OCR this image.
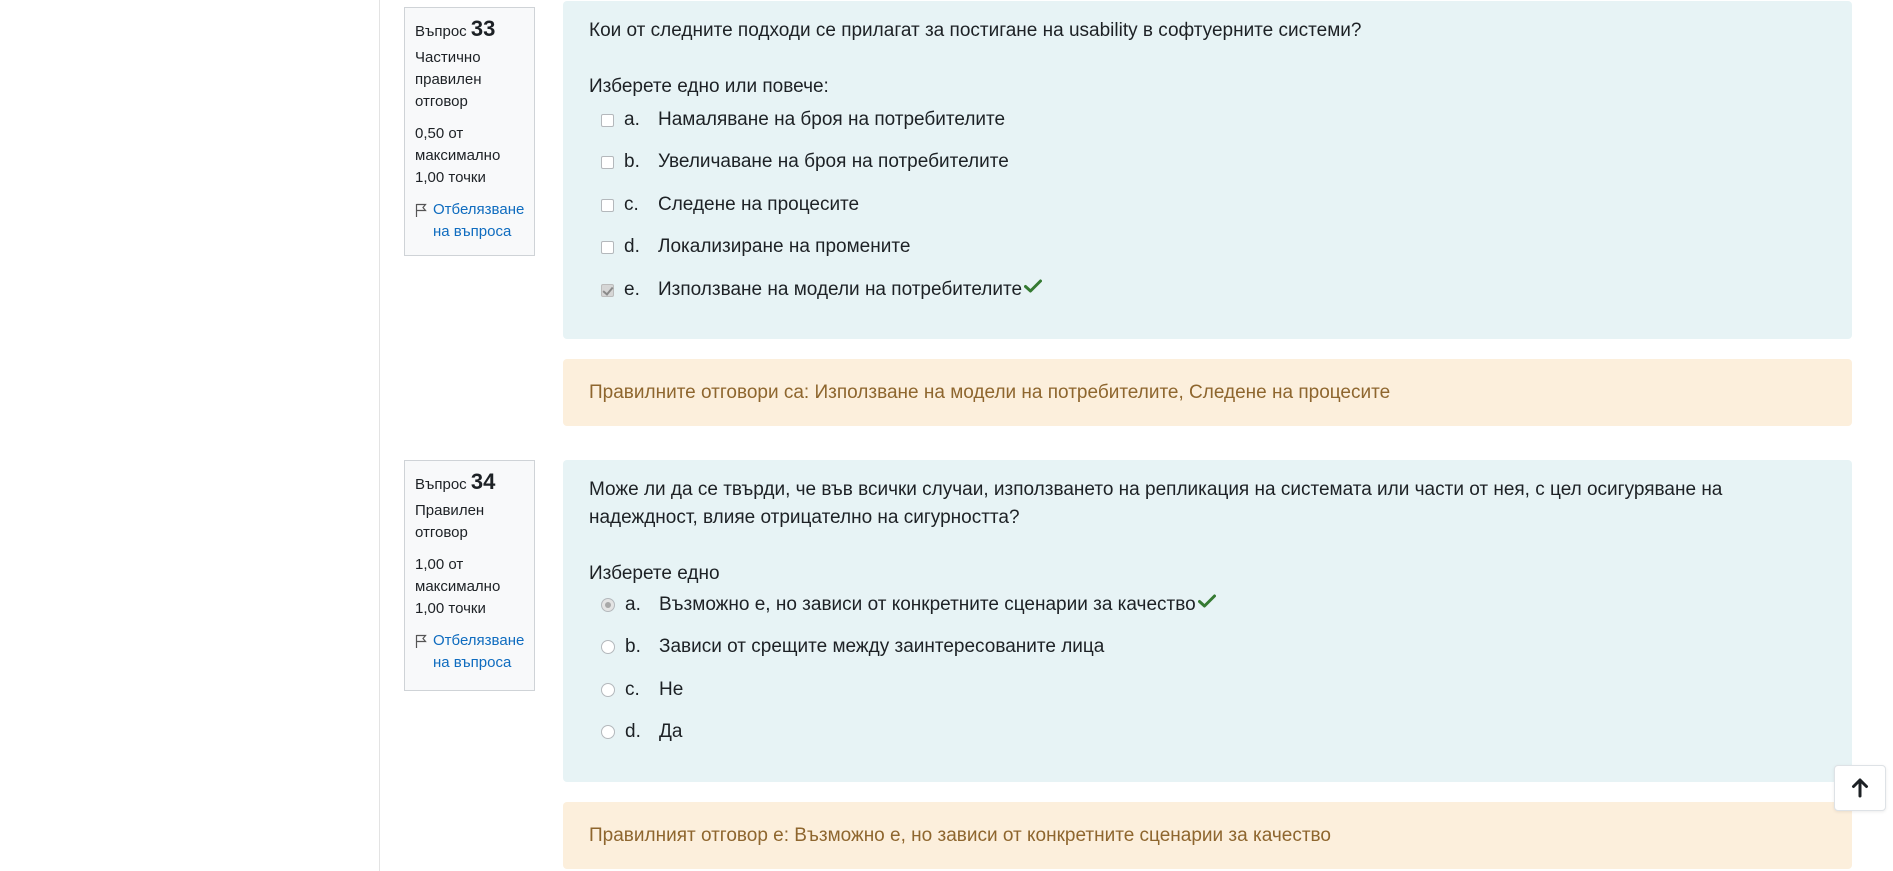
Въпрос 33
Частично правилен отговор
0,50 от максимално 1,00 точки
Отбелязване на въпроса

Кои от следните подходи се прилагат за постигане на usability в софтуерните системи?

Изберете едно или повече:
a. Намаляване на броя на потребителите
b. Увеличаване на броя на потребителите
c.	Следене на процесите
d. Локализиране на промените
e. Използване на модели на потребителите
Правилните отговори са: Използване на модели на потребителите, Следене на процесите
Въпрос 34
Правилен отговор
1,00 от максимално 1,00 точки
Отбелязване на въпроса

Може ли да се твърди, че във всички случаи, използването на репликация на системата или части от нея, с цел осигуряване на надеждност, влияе отрицателно на сигурността?

Изберете едно
a. Възможно е, но зависи от конкретните сценарии за качество
b. Зависи от срещите между заинтересованите лица
c.	Не
d. Да
Правилният отговор е: Възможно е, но зависи от конкретните сценарии за качество
